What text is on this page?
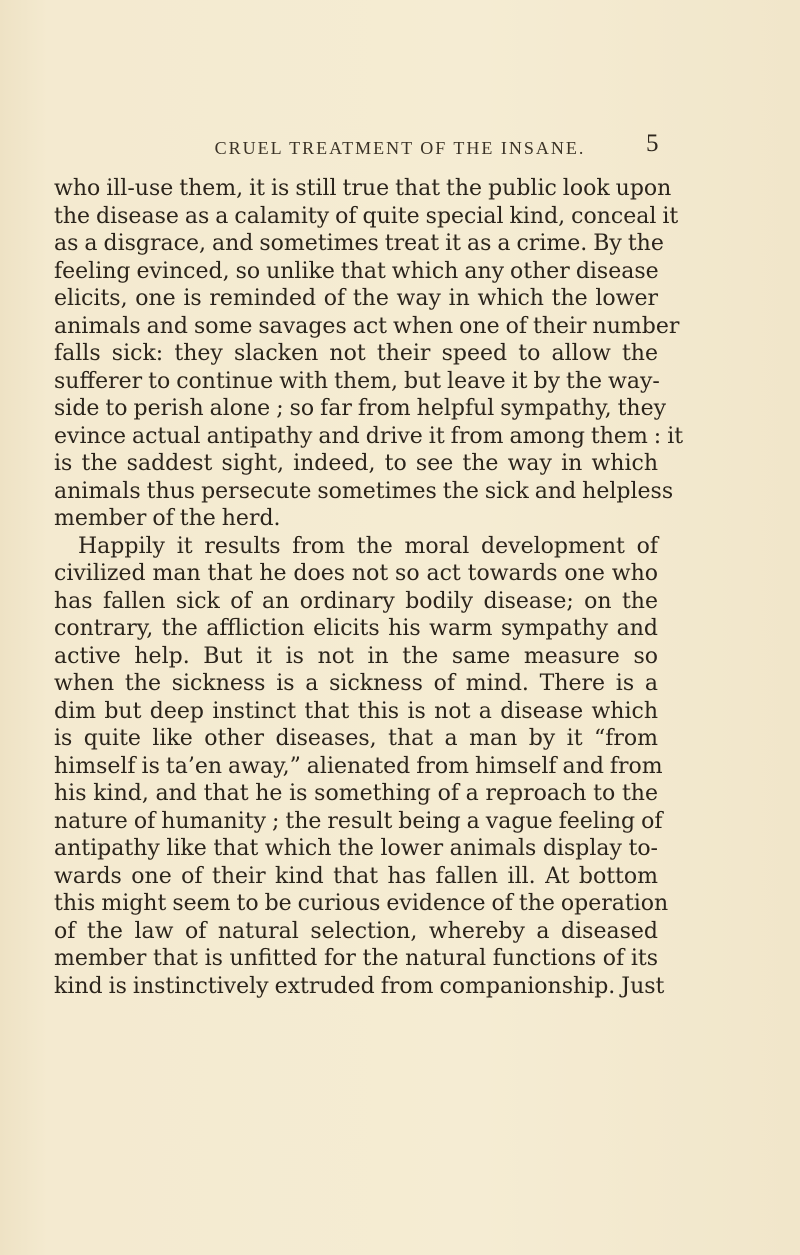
CRUEL TREATMENT OF THE INSANE.	5
who ill-use them, it is still true that the public look upon
the disease as a calamity of quite special kind, conceal it
as a disgrace, and sometimes treat it as a crime. By the
feeling evinced, so unlike that which any other disease
elicits, one is reminded of the way in which the lower
animals and some savages act when one of their number
falls sick: they slacken not their speed to allow the
sufferer to continue with them, but leave it by the way-
side to perish alone ; so far from helpful sympathy, they
evince actual antipathy and drive it from among them : it
is the saddest sight, indeed, to see the way in which
animals thus persecute sometimes the sick and helpless
member of the herd.
Happily it results from the moral development of
civilized man that he does not so act towards one who
has fallen sick of an ordinary bodily disease; on the
contrary, the affliction elicits his warm sympathy and
active help. But it is not in the same measure so
when the sickness is a sickness of mind. There is a
dim but deep instinct that this is not a disease which
is quite like other diseases, that a man by it “from
himself is ta’en away,” alienated from himself and from
his kind, and that he is something of a reproach to the
nature of humanity ; the result being a vague feeling of
antipathy like that which the lower animals display to-
wards one of their kind that has fallen ill. At bottom
this might seem to be curious evidence of the operation
of the law of natural selection, whereby a diseased
member that is unfitted for the natural functions of its
kind is instinctively extruded from companionship. Just
